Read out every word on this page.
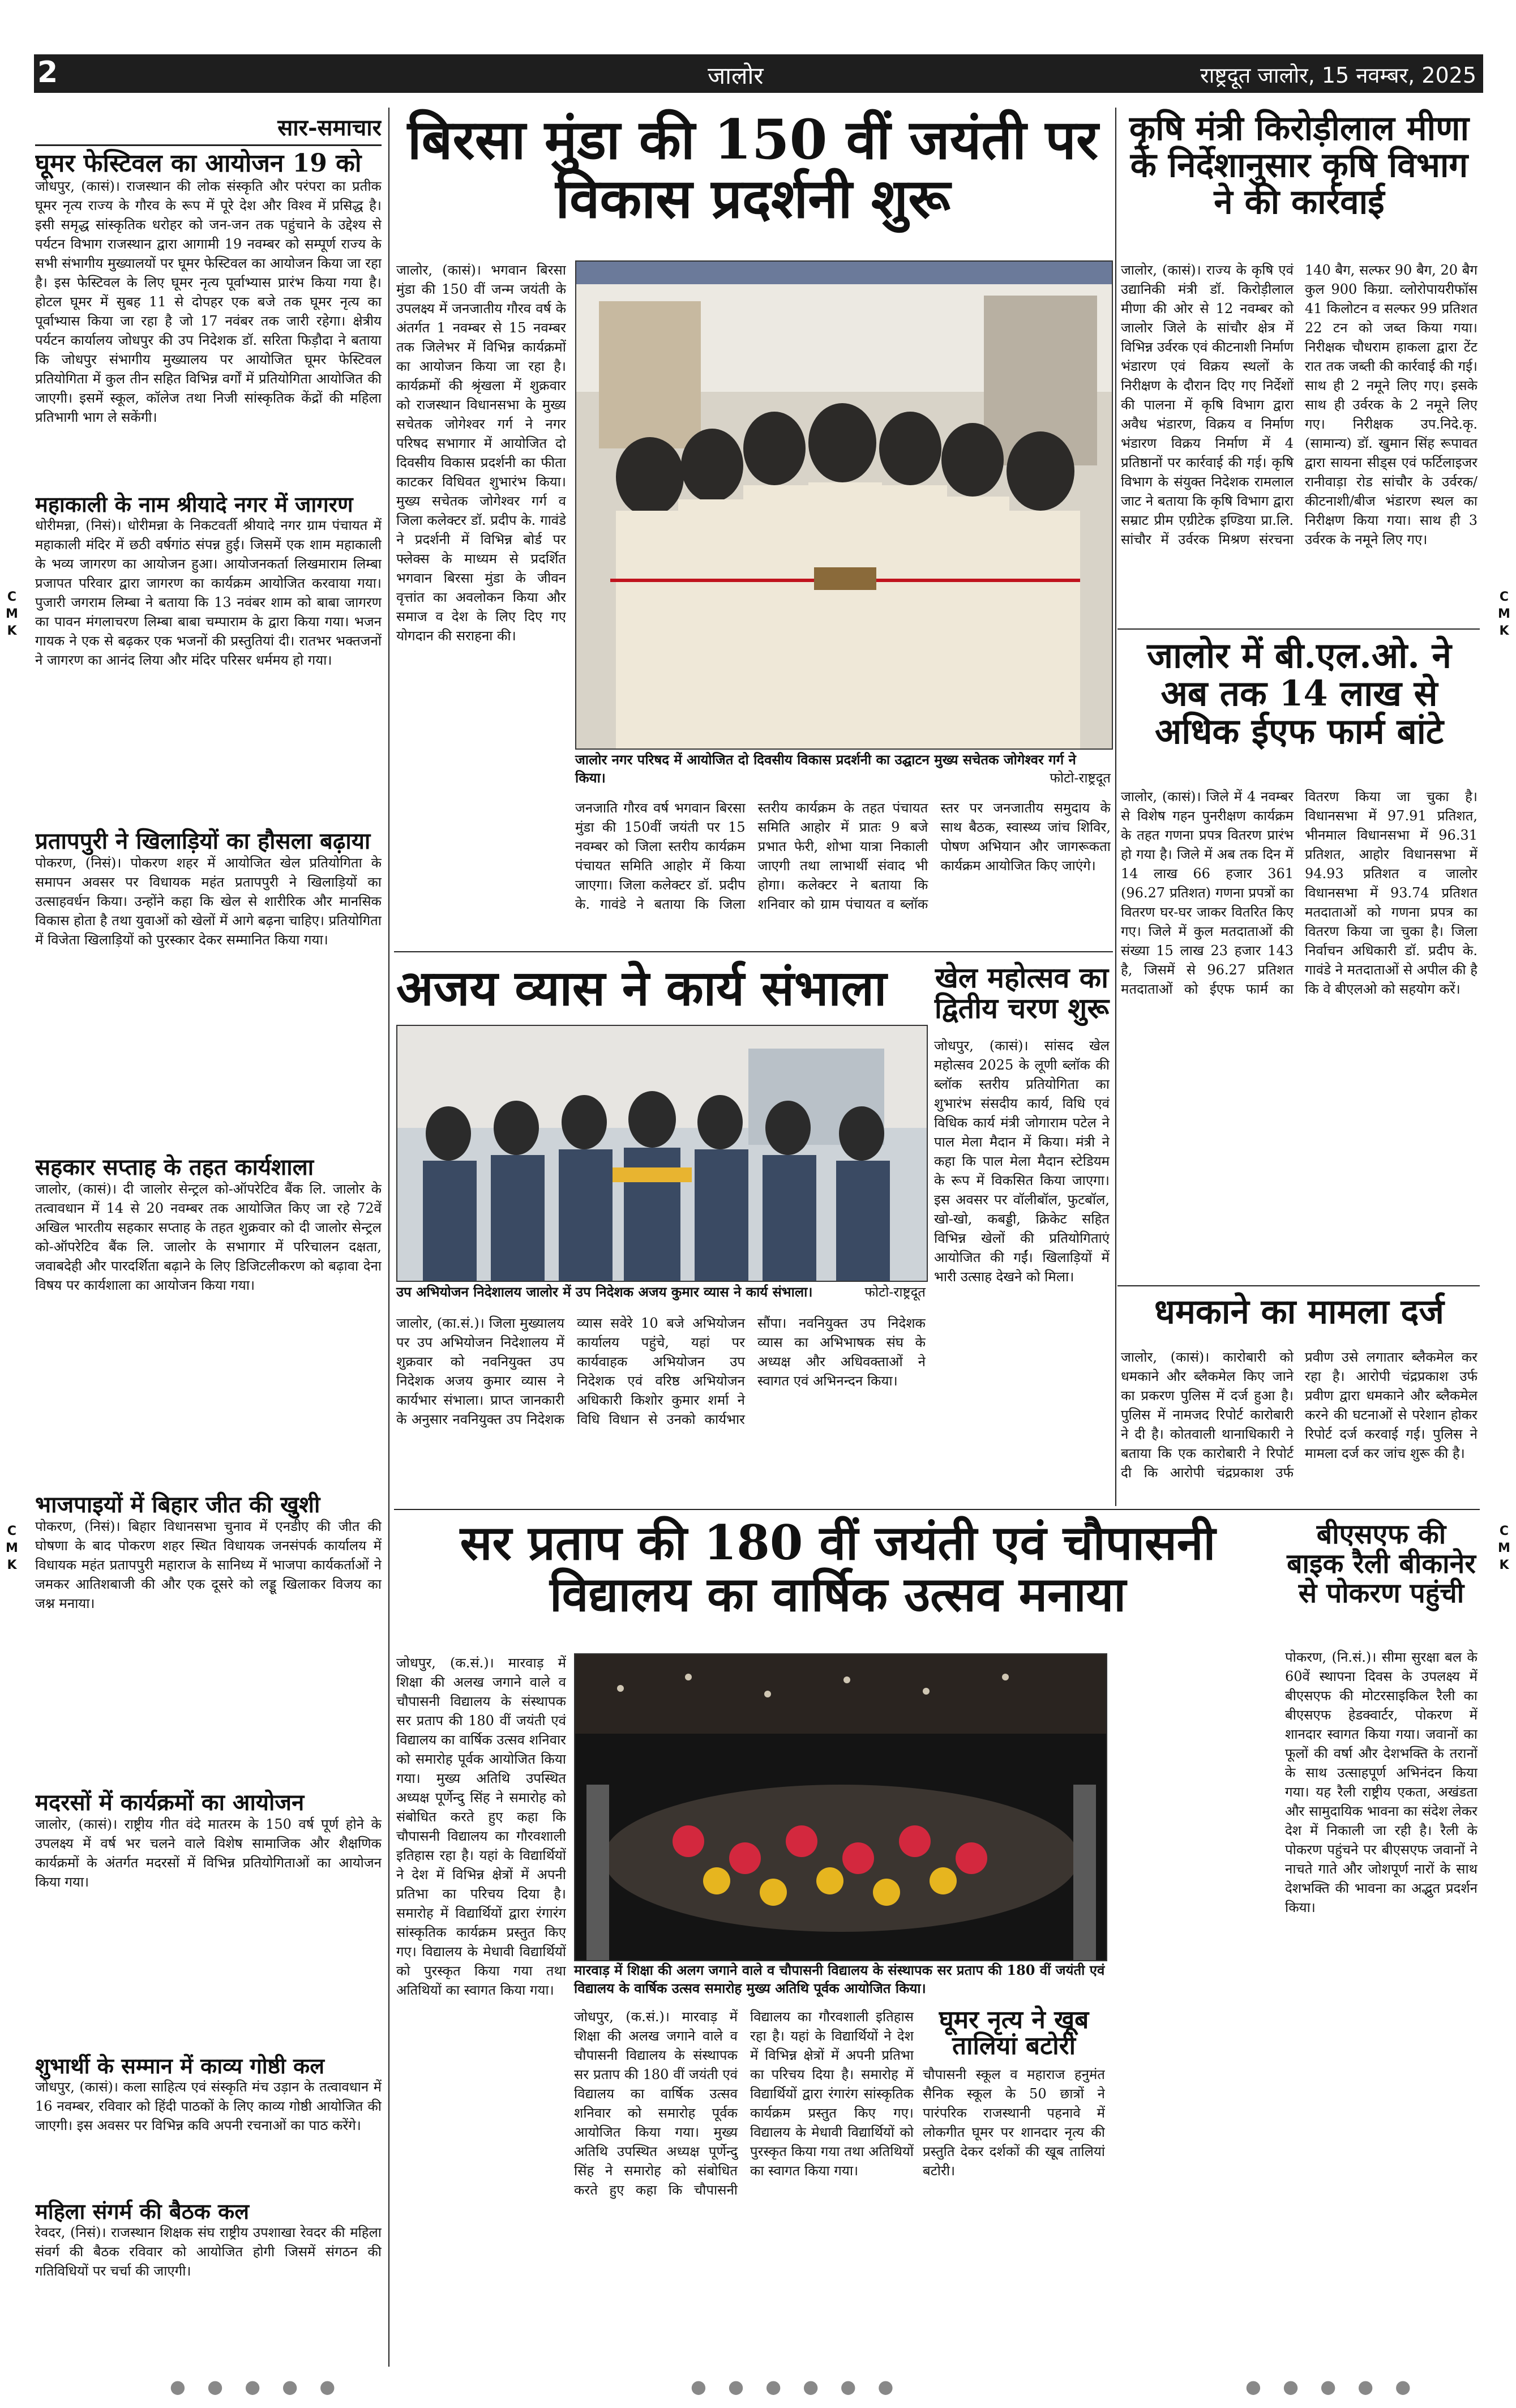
2	जालोर	राष्ट्रदूत जालोर, 15 नवम्बर, 2025
C
M
K
C
M
K
C
M
K
C
M
K
सार-समाचार
घूमर फेस्टिवल का आयोजन 19 को
जोधपुर, (कासं)। राजस्थान की लोक संस्कृति और परंपरा का प्रतीक घूमर नृत्य राज्य के गौरव के रूप में पूरे देश और विश्व में प्रसिद्ध है। इसी समृद्ध सांस्कृतिक धरोहर को जन-जन तक पहुंचाने के उद्देश्य से पर्यटन विभाग राजस्थान द्वारा आगामी 19 नवम्बर को सम्पूर्ण राज्य के सभी संभागीय मुख्यालयों पर घूमर फेस्टिवल का आयोजन किया जा रहा है। इस फेस्टिवल के लिए घूमर नृत्य पूर्वाभ्यास प्रारंभ किया गया है। होटल घूमर में सुबह 11 से दोपहर एक बजे तक घूमर नृत्य का पूर्वाभ्यास किया जा रहा है जो 17 नवंबर तक जारी रहेगा। क्षेत्रीय पर्यटन कार्यालय जोधपुर की उप निदेशक डॉ. सरिता फिड़ौदा ने बताया कि जोधपुर संभागीय मुख्यालय पर आयोजित घूमर फेस्टिवल प्रतियोगिता में कुल तीन सहित विभिन्न वर्गों में प्रतियोगिता आयोजित की जाएगी। इसमें स्कूल, कॉलेज तथा निजी सांस्कृतिक केंद्रों की महिला प्रतिभागी भाग ले सकेंगी।
महाकाली के नाम श्रीयादे नगर में जागरण
धोरीमन्ना, (निसं)। धोरीमन्ना के निकटवर्ती श्रीयादे नगर ग्राम पंचायत में महाकाली मंदिर में छठी वर्षगांठ संपन्न हुई। जिसमें एक शाम महाकाली के भव्य जागरण का आयोजन हुआ। आयोजनकर्ता लिखमाराम लिम्बा प्रजापत परिवार द्वारा जागरण का कार्यक्रम आयोजित करवाया गया। पुजारी जगराम लिम्बा ने बताया कि 13 नवंबर शाम को बाबा जागरण का पावन मंगलाचरण लिम्बा बाबा चम्पाराम के द्वारा किया गया। भजन गायक ने एक से बढ़कर एक भजनों की प्रस्तुतियां दी। रातभर भक्तजनों ने जागरण का आनंद लिया और मंदिर परिसर धर्ममय हो गया।
प्रतापपुरी ने खिलाड़ियों का हौसला बढ़ाया
पोकरण, (निसं)। पोकरण शहर में आयोजित खेल प्रतियोगिता के समापन अवसर पर विधायक महंत प्रतापपुरी ने खिलाड़ियों का उत्साहवर्धन किया। उन्होंने कहा कि खेल से शारीरिक और मानसिक विकास होता है तथा युवाओं को खेलों में आगे बढ़ना चाहिए। प्रतियोगिता में विजेता खिलाड़ियों को पुरस्कार देकर सम्मानित किया गया।
सहकार सप्ताह के तहत कार्यशाला
जालोर, (कासं)। दी जालोर सेन्ट्रल को-ऑपरेटिव बैंक लि. जालोर के तत्वावधान में 14 से 20 नवम्बर तक आयोजित किए जा रहे 72वें अखिल भारतीय सहकार सप्ताह के तहत शुक्रवार को दी जालोर सेन्ट्रल को-ऑपरेटिव बैंक लि. जालोर के सभागार में परिचालन दक्षता, जवाबदेही और पारदर्शिता बढ़ाने के लिए डिजिटलीकरण को बढ़ावा देना विषय पर कार्यशाला का आयोजन किया गया।
भाजपाइयों में बिहार जीत की खुशी
पोकरण, (निसं)। बिहार विधानसभा चुनाव में एनडीए की जीत की घोषणा के बाद पोकरण शहर स्थित विधायक जनसंपर्क कार्यालय में विधायक महंत प्रतापपुरी महाराज के सानिध्य में भाजपा कार्यकर्ताओं ने जमकर आतिशबाजी की और एक दूसरे को लड्डू खिलाकर विजय का जश्न मनाया।
मदरसों में कार्यक्रमों का आयोजन
जालोर, (कासं)। राष्ट्रीय गीत वंदे मातरम के 150 वर्ष पूर्ण होने के उपलक्ष्य में वर्ष भर चलने वाले विशेष सामाजिक और शैक्षणिक कार्यक्रमों के अंतर्गत मदरसों में विभिन्न प्रतियोगिताओं का आयोजन किया गया।
शुभार्थी के सम्मान में काव्य गोष्ठी कल
जोधपुर, (कासं)। कला साहित्य एवं संस्कृति मंच उड़ान के तत्वावधान में 16 नवम्बर, रविवार को हिंदी पाठकों के लिए काव्य गोष्ठी आयोजित की जाएगी। इस अवसर पर विभिन्न कवि अपनी रचनाओं का पाठ करेंगे।
महिला संगर्म की बैठक कल
रेवदर, (निसं)। राजस्थान शिक्षक संघ राष्ट्रीय उपशाखा रेवदर की महिला संवर्ग की बैठक रविवार को आयोजित होगी जिसमें संगठन की गतिविधियों पर चर्चा की जाएगी।
बिरसा मुंडा की 150 वीं जयंती पर विकास प्रदर्शनी शुरू
जालोर, (कासं)। भगवान बिरसा मुंडा की 150 वीं जन्म जयंती के उपलक्ष्य में जनजातीय गौरव वर्ष के अंतर्गत 1 नवम्बर से 15 नवम्बर तक जिलेभर में विभिन्न कार्यक्रमों का आयोजन किया जा रहा है। कार्यक्रमों की श्रृंखला में शुक्रवार को राजस्थान विधानसभा के मुख्य सचेतक जोगेश्वर गर्ग ने नगर परिषद सभागार में आयोजित दो दिवसीय विकास प्रदर्शनी का फीता काटकर विधिवत शुभारंभ किया। मुख्य सचेतक जोगेश्वर गर्ग व जिला कलेक्टर डॉ. प्रदीप के. गावंडे ने प्रदर्शनी में विभिन्न बोर्ड पर फ्लेक्स के माध्यम से प्रदर्शित भगवान बिरसा मुंडा के जीवन वृत्तांत का अवलोकन किया और समाज व देश के लिए दिए गए योगदान की सराहना की।
जालोर नगर परिषद में आयोजित दो दिवसीय विकास प्रदर्शनी का उद्घाटन मुख्य सचेतक जोगेश्वर गर्ग ने किया।	फोटो-राष्ट्रदूत
जनजाति गौरव वर्ष भगवान बिरसा मुंडा की 150वीं जयंती पर 15 नवम्बर को जिला स्तरीय कार्यक्रम पंचायत समिति आहोर में किया जाएगा। जिला कलेक्टर डॉ. प्रदीप के. गावंडे ने बताया कि जिला स्तरीय कार्यक्रम के तहत पंचायत समिति आहोर में प्रातः 9 बजे प्रभात फेरी, शोभा यात्रा निकाली जाएगी तथा लाभार्थी संवाद भी होगा। कलेक्टर ने बताया कि शनिवार को ग्राम पंचायत व ब्लॉक स्तर पर जनजातीय समुदाय के साथ बैठक, स्वास्थ्य जांच शिविर, पोषण अभियान और जागरूकता कार्यक्रम आयोजित किए जाएंगे।
कृषि मंत्री किरोड़ीलाल मीणा के निर्देशानुसार कृषि विभाग ने की कार्रवाई
जालोर, (कासं)। राज्य के कृषि एवं उद्यानिकी मंत्री डॉ. किरोड़ीलाल मीणा की ओर से 12 नवम्बर को जालोर जिले के सांचौर क्षेत्र में विभिन्न उर्वरक एवं कीटनाशी निर्माण भंडारण एवं विक्रय स्थलों के निरीक्षण के दौरान दिए गए निर्देशों की पालना में कृषि विभाग द्वारा अवैध भंडारण, विक्रय व निर्माण भंडारण विक्रय निर्माण में 4 प्रतिष्ठानों पर कार्रवाई की गई। कृषि विभाग के संयुक्त निदेशक रामलाल जाट ने बताया कि कृषि विभाग द्वारा सम्राट प्रीम एग्रीटेक इण्डिया प्रा.लि. सांचौर में उर्वरक मिश्रण संरचना 140 बैग, सल्फर 90 बैग, 20 बैग कुल 900 किग्रा. व्लोरोपायरीफॉस 41 किलोटन व सल्फर 99 प्रतिशत 22 टन को जब्त किया गया। निरीक्षक चौधराम हाकला द्वारा टेंट रात तक जब्ती की कार्रवाई की गई। साथ ही 2 नमूने लिए गए। इसके साथ ही उर्वरक के 2 नमूने लिए गए। निरीक्षक उप.निदे.कृ. (सामान्य) डॉ. खुमान सिंह रूपावत द्वारा सायना सीड्स एवं फर्टिलाइजर रानीवाड़ा रोड सांचौर के उर्वरक/कीटनाशी/बीज भंडारण स्थल का निरीक्षण किया गया। साथ ही 3 उर्वरक के नमूने लिए गए।
जालोर में बी.एल.ओ. ने अब तक 14 लाख से अधिक ईएफ फार्म बांटे
जालोर, (कासं)। जिले में 4 नवम्बर से विशेष गहन पुनरीक्षण कार्यक्रम के तहत गणना प्रपत्र वितरण प्रारंभ हो गया है। जिले में अब तक दिन में 14 लाख 66 हजार 361 (96.27 प्रतिशत) गणना प्रपत्रों का वितरण घर-घर जाकर वितरित किए गए। जिले में कुल मतदाताओं की संख्या 15 लाख 23 हजार 143 है, जिसमें से 96.27 प्रतिशत मतदाताओं को ईएफ फार्म का वितरण किया जा चुका है। विधानसभा में 97.91 प्रतिशत, भीनमाल विधानसभा में 96.31 प्रतिशत, आहोर विधानसभा में 94.93 प्रतिशत व जालोर विधानसभा में 93.74 प्रतिशत मतदाताओं को गणना प्रपत्र का वितरण किया जा चुका है। जिला निर्वाचन अधिकारी डॉ. प्रदीप के. गावंडे ने मतदाताओं से अपील की है कि वे बीएलओ को सहयोग करें।
धमकाने का मामला दर्ज
जालोर, (कासं)। कारोबारी को धमकाने और ब्लैकमेल किए जाने का प्रकरण पुलिस में दर्ज हुआ है। पुलिस में नामजद रिपोर्ट कारोबारी ने दी है। कोतवाली थानाधिकारी ने बताया कि एक कारोबारी ने रिपोर्ट दी कि आरोपी चंद्रप्रकाश उर्फ प्रवीण उसे लगातार ब्लैकमेल कर रहा है। आरोपी चंद्रप्रकाश उर्फ प्रवीण द्वारा धमकाने और ब्लैकमेल करने की घटनाओं से परेशान होकर रिपोर्ट दर्ज करवाई गई। पुलिस ने मामला दर्ज कर जांच शुरू की है।
अजय व्यास ने कार्य संभाला
उप अभियोजन निदेशालय जालोर में उप निदेशक अजय कुमार व्यास ने कार्य संभाला।	फोटो-राष्ट्रदूत
जालोर, (का.सं.)। जिला मुख्यालय पर उप अभियोजन निदेशालय में शुक्रवार को नवनियुक्त उप निदेशक अजय कुमार व्यास ने कार्यभार संभाला। प्राप्त जानकारी के अनुसार नवनियुक्त उप निदेशक व्यास सवेरे 10 बजे अभियोजन कार्यालय पहुंचे, यहां पर कार्यवाहक अभियोजन उप निदेशक एवं वरिष्ठ अभियोजन अधिकारी किशोर कुमार शर्मा ने विधि विधान से उनको कार्यभार सौंपा। नवनियुक्त उप निदेशक व्यास का अभिभाषक संघ के अध्यक्ष और अधिवक्ताओं ने स्वागत एवं अभिनन्दन किया।
खेल महोत्सव का द्वितीय चरण शुरू
जोधपुर, (कासं)। सांसद खेल महोत्सव 2025 के लूणी ब्लॉक की ब्लॉक स्तरीय प्रतियोगिता का शुभारंभ संसदीय कार्य, विधि एवं विधिक कार्य मंत्री जोगाराम पटेल ने पाल मेला मैदान में किया। मंत्री ने कहा कि पाल मेला मैदान स्टेडियम के रूप में विकसित किया जाएगा। इस अवसर पर वॉलीबॉल, फुटबॉल, खो-खो, कबड्डी, क्रिकेट सहित विभिन्न खेलों की प्रतियोगिताएं आयोजित की गईं। खिलाड़ियों में भारी उत्साह देखने को मिला।
सर प्रताप की 180 वीं जयंती एवं चौपासनी विद्यालय का वार्षिक उत्सव मनाया
जोधपुर, (क.सं.)। मारवाड़ में शिक्षा की अलख जगाने वाले व चौपासनी विद्यालय के संस्थापक सर प्रताप की 180 वीं जयंती एवं विद्यालय का वार्षिक उत्सव शनिवार को समारोह पूर्वक आयोजित किया गया। मुख्य अतिथि उपस्थित अध्यक्ष पूर्णेन्दु सिंह ने समारोह को संबोधित करते हुए कहा कि चौपासनी विद्यालय का गौरवशाली इतिहास रहा है। यहां के विद्यार्थियों ने देश में विभिन्न क्षेत्रों में अपनी प्रतिभा का परिचय दिया है। समारोह में विद्यार्थियों द्वारा रंगारंग सांस्कृतिक कार्यक्रम प्रस्तुत किए गए। विद्यालय के मेधावी विद्यार्थियों को पुरस्कृत किया गया तथा अतिथियों का स्वागत किया गया।
मारवाड़ में शिक्षा की अलग जगाने वाले व चौपासनी विद्यालय के संस्थापक सर प्रताप की 180 वीं जयंती एवं विद्यालय के वार्षिक उत्सव समारोह मुख्य अतिथि पूर्वक आयोजित किया।
जोधपुर, (क.सं.)। मारवाड़ में शिक्षा की अलख जगाने वाले व चौपासनी विद्यालय के संस्थापक सर प्रताप की 180 वीं जयंती एवं विद्यालय का वार्षिक उत्सव शनिवार को समारोह पूर्वक आयोजित किया गया। मुख्य अतिथि उपस्थित अध्यक्ष पूर्णेन्दु सिंह ने समारोह को संबोधित करते हुए कहा कि चौपासनी विद्यालय का गौरवशाली इतिहास रहा है। यहां के विद्यार्थियों ने देश में विभिन्न क्षेत्रों में अपनी प्रतिभा का परिचय दिया है। समारोह में विद्यार्थियों द्वारा रंगारंग सांस्कृतिक कार्यक्रम प्रस्तुत किए गए। विद्यालय के मेधावी विद्यार्थियों को पुरस्कृत किया गया तथा अतिथियों का स्वागत किया गया।
घूमर नृत्य ने खूब तालियां बटोरी
चौपासनी स्कूल व महाराज हनुमंत सैनिक स्कूल के 50 छात्रों ने पारंपरिक राजस्थानी पहनावे में लोकगीत घूमर पर शानदार नृत्य की प्रस्तुति देकर दर्शकों की खूब तालियां बटोरी।
बीएसएफ की बाइक रैली बीकानेर से पोकरण पहुंची
पोकरण, (नि.सं.)। सीमा सुरक्षा बल के 60वें स्थापना दिवस के उपलक्ष्य में बीएसएफ की मोटरसाइकिल रैली का बीएसएफ हेडक्वार्टर, पोकरण में शानदार स्वागत किया गया। जवानों का फूलों की वर्षा और देशभक्ति के तरानों के साथ उत्साहपूर्ण अभिनंदन किया गया। यह रैली राष्ट्रीय एकता, अखंडता और सामुदायिक भावना का संदेश लेकर देश में निकाली जा रही है। रैली के पोकरण पहुंचने पर बीएसएफ जवानों ने नाचते गाते और जोशपूर्ण नारों के साथ देशभक्ति की भावना का अद्भुत प्रदर्शन किया।
● ● ● ● ●	● ● ● ● ● ●	● ● ● ● ●
